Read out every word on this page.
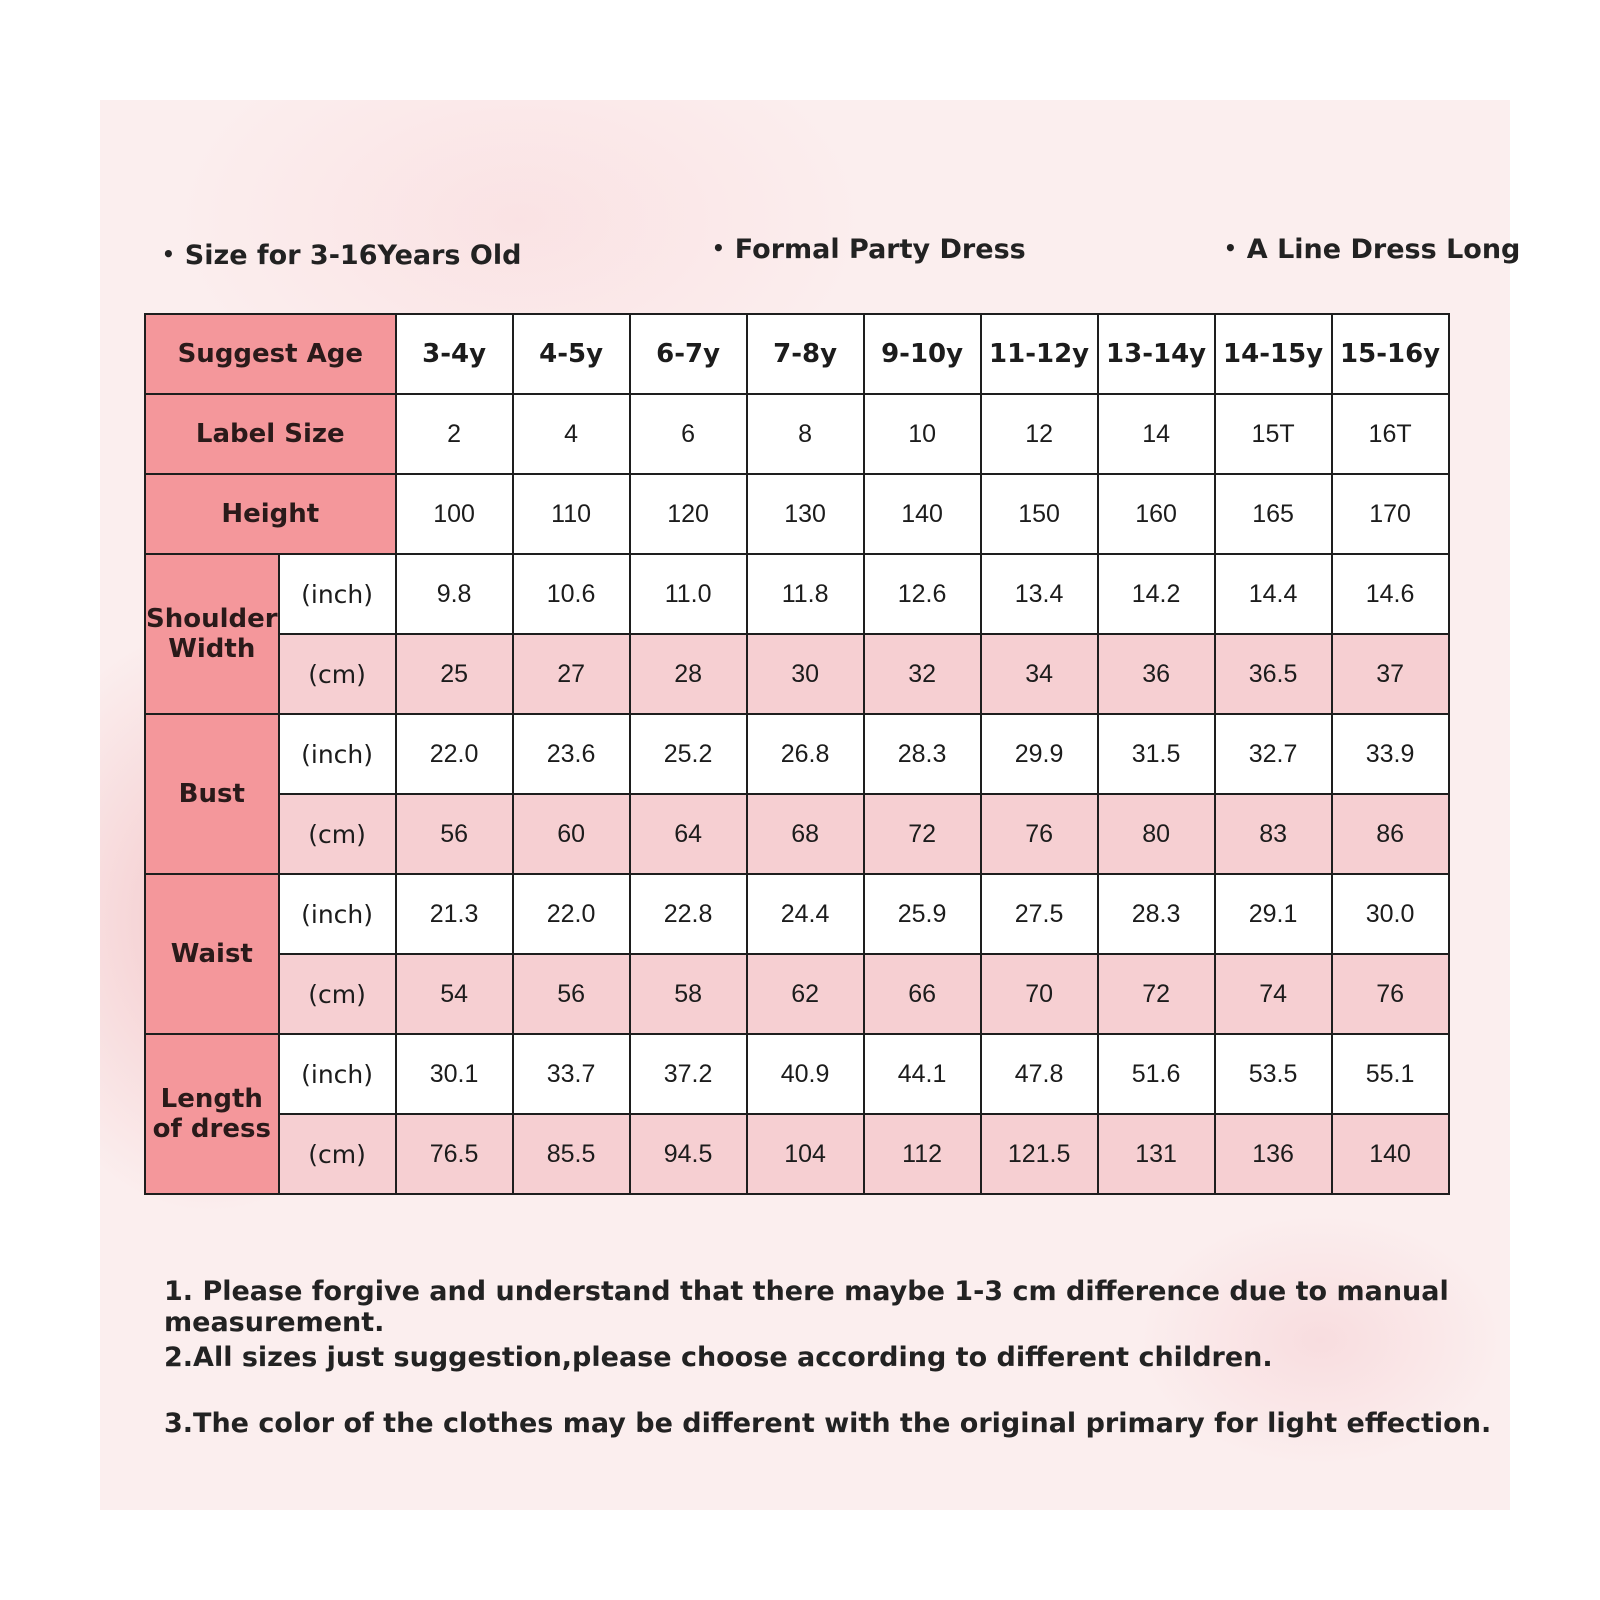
• Size for 3-16Years Old	• Formal Party Dress	• A Line Dress Long
Suggest Age		3-4y	4-5y	6-7y	7-8y	9-10y	11-12y	13-14y	14-15y	15-16y
Label Size		2	4	6	8	10	12	14	15T	16T
Height		100	110	120	130	140	150	160	165	170
Shoulder Width	(inch)	9.8	10.6	11.0	11.8	12.6	13.4	14.2	14.4	14.6
	(cm)	25	27	28	30	32	34	36	36.5	37
Bust	(inch)	22.0	23.6	25.2	26.8	28.3	29.9	31.5	32.7	33.9
	(cm)	56	60	64	68	72	76	80	83	86
Waist	(inch)	21.3	22.0	22.8	24.4	25.9	27.5	28.3	29.1	30.0
	(cm)	54	56	58	62	66	70	72	74	76
Length of dress	(inch)	30.1	33.7	37.2	40.9	44.1	47.8	51.6	53.5	55.1
	(cm)	76.5	85.5	94.5	104	112	121.5	131	136	140
1. Please forgive and understand that there maybe 1-3 cm difference due to manual measurement.
2.All sizes just suggestion,please choose according to different children.
3.The color of the clothes may be different with the original primary for light effection.
